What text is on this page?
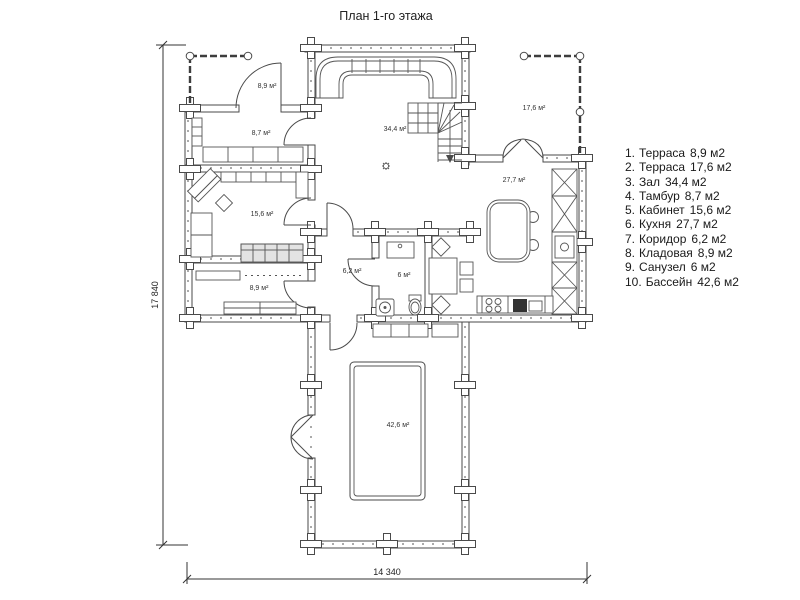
План 1-го этажа
8,9 м²
8,7 м²
34,4 м²
17,6 м²
27,7 м²
15,6 м²
6,2 м²
6 м²
8,9 м²
42,6 м²
17 840
14 340
1. Терраса 8,9 м2
2. Терраса 17,6 м2
3. Зал 34,4 м2
4. Тамбур 8,7 м2
5. Кабинет 15,6 м2
6. Кухня 27,7 м2
7. Коридор 6,2 м2
8. Кладовая 8,9 м2
9. Санузел 6 м2
10. Бассейн 42,6 м2
